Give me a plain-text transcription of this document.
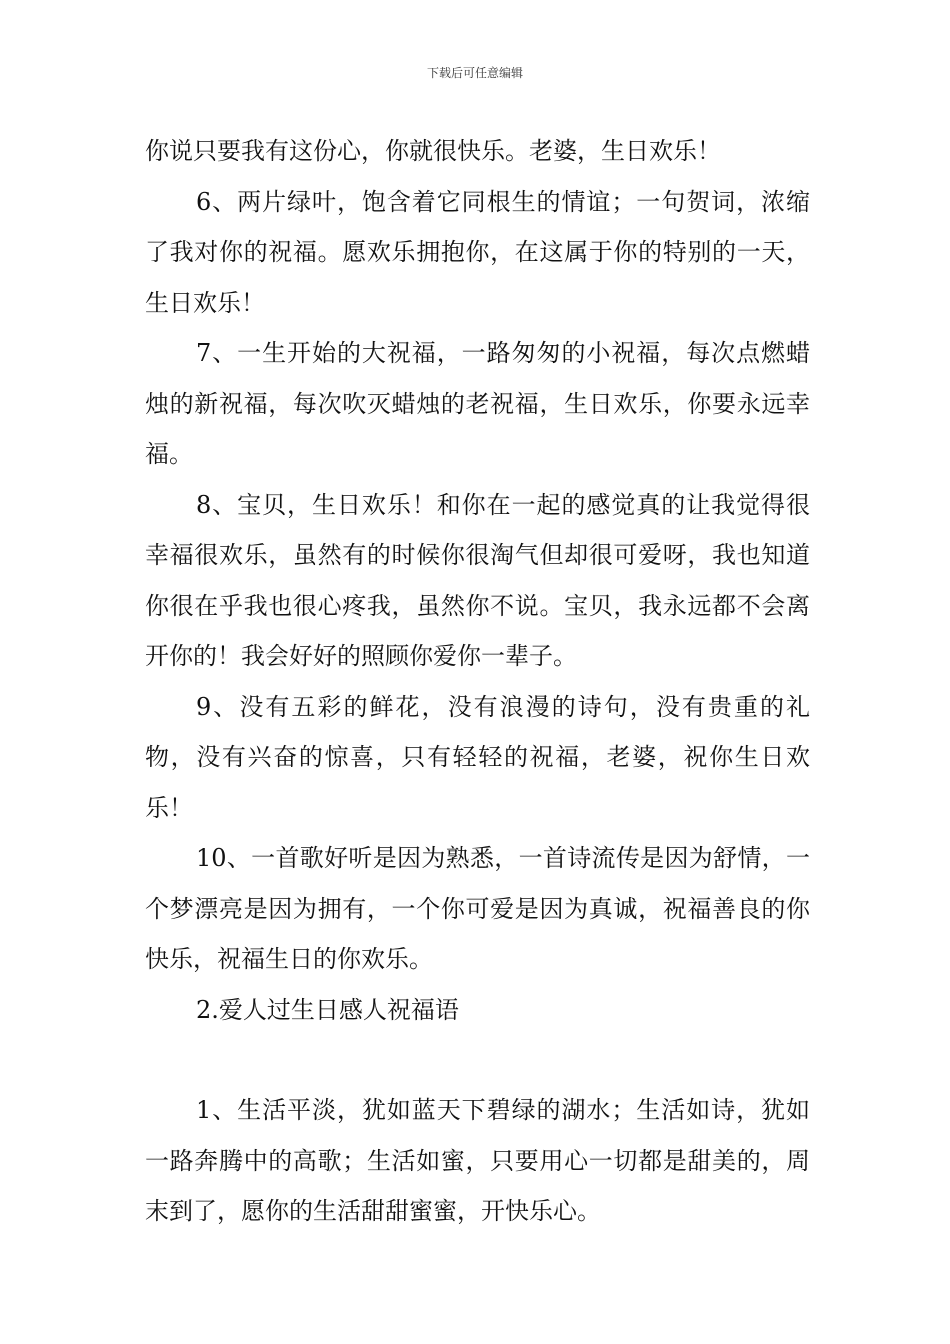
下载后可任意编辑

你说只要我有这份心，你就很快乐。老婆，生日欢乐！

6、两片绿叶，饱含着它同根生的情谊；一句贺词，浓缩了我对你的祝福。愿欢乐拥抱你，在这属于你的特别的一天，生日欢乐！

7、一生开始的大祝福，一路匆匆的小祝福，每次点燃蜡烛的新祝福，每次吹灭蜡烛的老祝福，生日欢乐，你要永远幸福。

8、宝贝，生日欢乐！和你在一起的感觉真的让我觉得很幸福很欢乐，虽然有的时候你很淘气但却很可爱呀，我也知道你很在乎我也很心疼我，虽然你不说。宝贝，我永远都不会离开你的！我会好好的照顾你爱你一辈子。

9、没有五彩的鲜花，没有浪漫的诗句，没有贵重的礼物，没有兴奋的惊喜，只有轻轻的祝福，老婆，祝你生日欢乐！

10、一首歌好听是因为熟悉，一首诗流传是因为舒情，一个梦漂亮是因为拥有，一个你可爱是因为真诚，祝福善良的你快乐，祝福生日的你欢乐。

2.爱人过生日感人祝福语

1、生活平淡，犹如蓝天下碧绿的湖水；生活如诗，犹如一路奔腾中的高歌；生活如蜜，只要用心一切都是甜美的，周末到了，愿你的生活甜甜蜜蜜，开快乐心。
